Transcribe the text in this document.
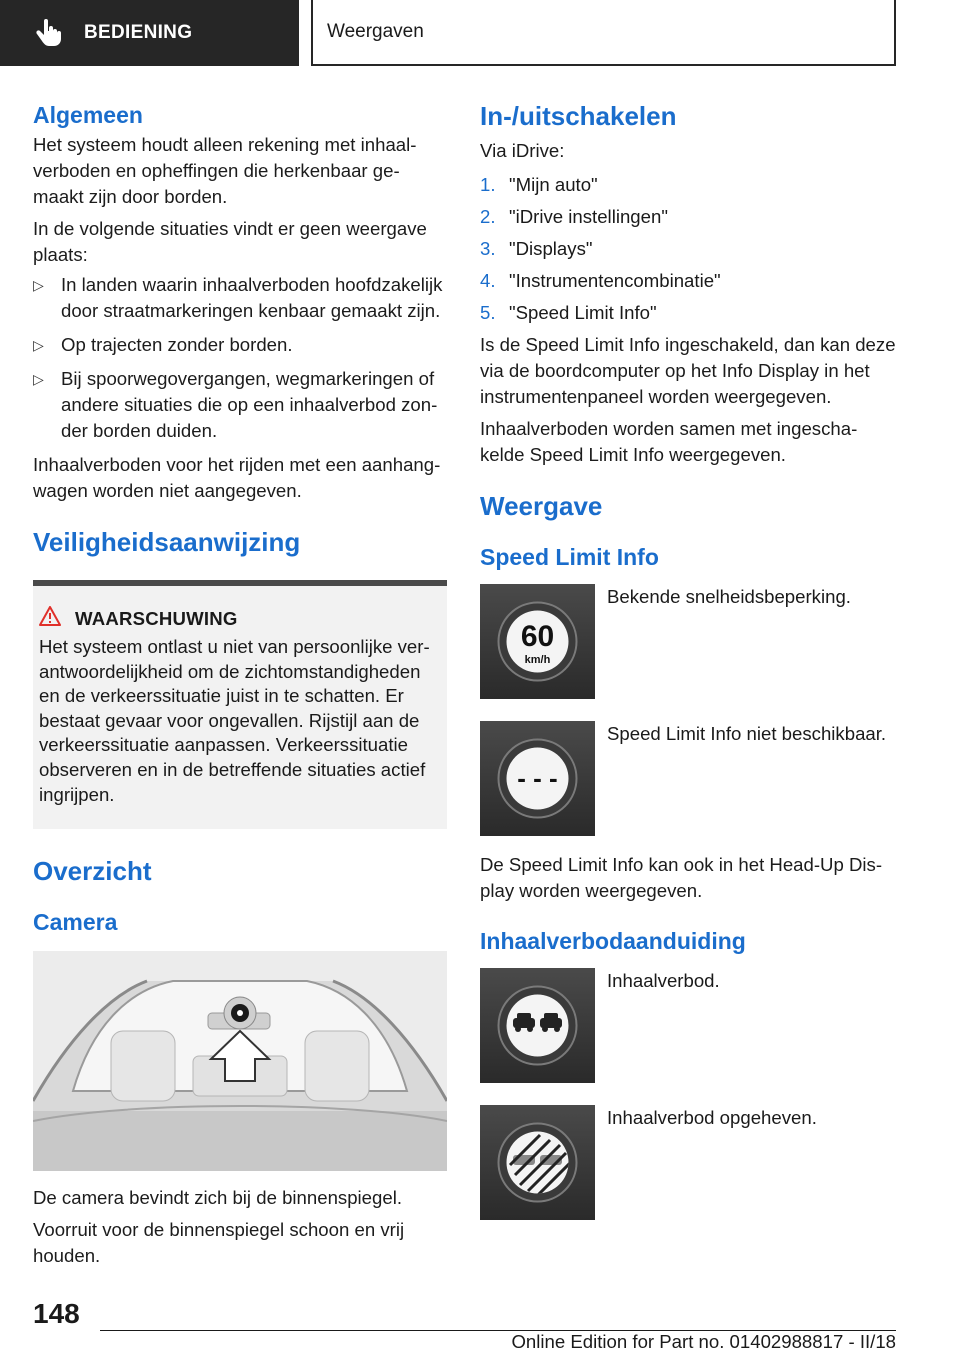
BEDIENING	Weergaven
Algemeen

Het systeem houdt alleen rekening met inhaal-verboden en opheffingen die herkenbaar ge-maakt zijn door borden.

In de volgende situaties vindt er geen weergave plaats:

▷ In landen waarin inhaalverboden hoofdzakelijk door straatmarkeringen kenbaar gemaakt zijn.
▷ Op trajecten zonder borden.
▷ Bij spoorwegovergangen, wegmarkeringen of andere situaties die op een inhaalverbod zon-der borden duiden.

Inhaalverboden voor het rijden met een aanhang-wagen worden niet aangegeven.

Veiligheidsaanwijzing
WAARSCHUWING

Het systeem ontlast u niet van persoonlijke ver-antwoordelijkheid om de zichtomstandigheden en de verkeerssituatie juist in te schatten. Er bestaat gevaar voor ongevallen. Rijstijl aan de verkeerssituatie aanpassen. Verkeerssituatie observeren en in de betreffende situaties actief ingrijpen.

Overzicht
Camera

De camera bevindt zich bij de binnenspiegel.

Voorruit voor de binnenspiegel schoon en vrij houden.

In-/uitschakelen

Via iDrive:

1. "Mijn auto"
2. "iDrive instellingen"
3. "Displays"
4. "Instrumentencombinatie"
5. "Speed Limit Info"

Is de Speed Limit Info ingeschakeld, dan kan deze via de boordcomputer op het Info Display in het instrumentenpaneel worden weergegeven.

Inhaalverboden worden samen met ingescha-kelde Speed Limit Info weergegeven.

Weergave
Speed Limit Info
60
km/h
Bekende snelheidsbeperking.
- - -
Speed Limit Info niet beschikbaar.

De Speed Limit Info kan ook in het Head-Up Dis-play worden weergegeven.

Inhaalverbodaanduiding
Inhaalverbod.
Inhaalverbod opgeheven.
148
Online Edition for Part no. 01402988817 - II/18
